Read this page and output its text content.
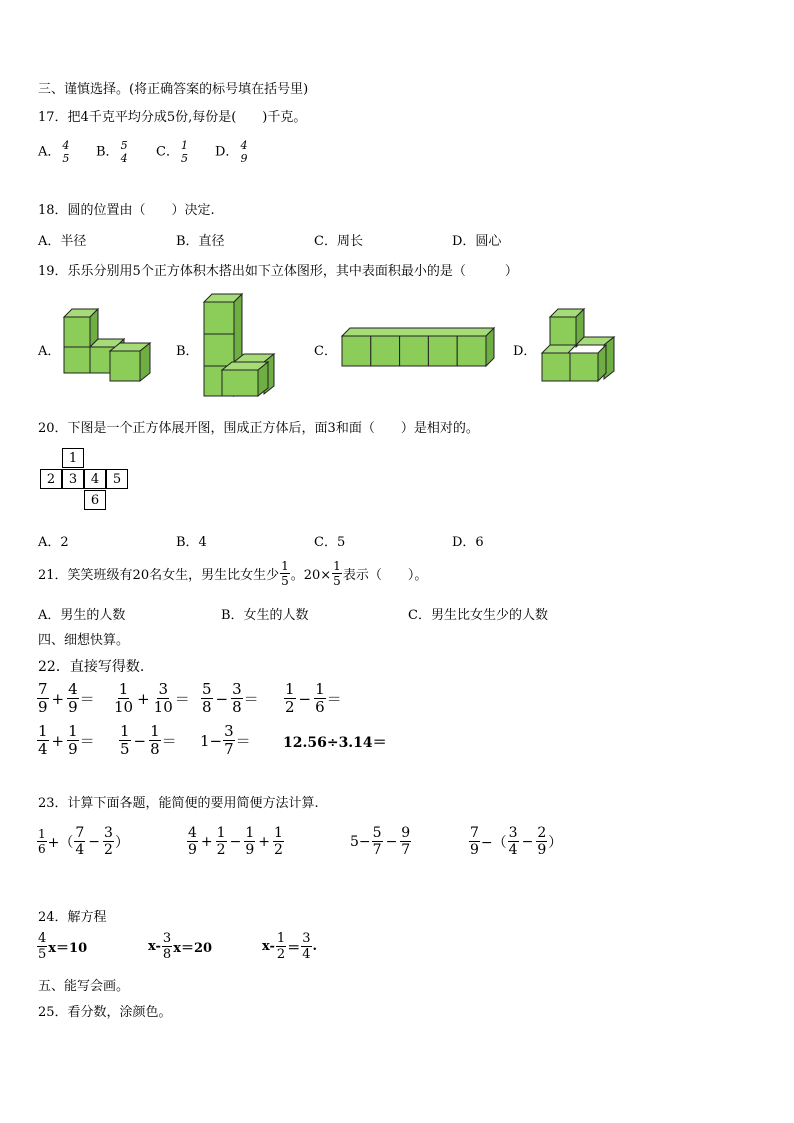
三、谨慎选择。(将正确答案的标号填在括号里)
17．把4千克平均分成5份,每份是(　　)千克。
A． 4
5 B． 5
4 C． 1
5 D． 4
9
18．圆的位置由（　　）决定.
A．半径	B．直径	C．周长	D．圆心
19．乐乐分别用5个正方体积木搭出如下立体图形，其中表面积最小的是（　　　）
A．	B．	C．	D．
20．下图是一个正方体展开图，围成正方体后，面3和面（　　）是相对的。
1
2	3	4	5
6
A．2	B．4	C．5	D．6
21．笑笑班级有20名女生，男生比女生少 $\frac{1}{5}$ 。$20\times \frac{1}{5}$ 表示（　　）。
A．男生的人数	B．女生的人数	C．男生比女生少的人数
四、细想快算。
22．直接写得数.
$\frac{7}{9} + \frac{4}{9} = \frac{1}{10} + \frac{3}{10} = \frac{5}{8} - \frac{3}{8} = \frac{1}{2} - \frac{1}{6}$ ＝
$\frac{1}{4} + \frac{1}{9} = \frac{1}{5} - \frac{1}{8} = 1- \frac{3}{7} = 12.56\div 3.14=$
23．计算下面各题，能简便的要用简便方法计算.
$\frac{1}{6}$ +（ $\frac{7}{4} - \frac{3}{2}$ ）	$\frac{4}{9} + \frac{1}{2} - \frac{1}{9} + \frac{1}{2}$	$5- \frac{5}{7} - \frac{9}{7}$	$\frac{7}{9}$ −（ $\frac{3}{4} - \frac{2}{9}$ ）
24．解方程
$\frac{4}{5} x=10$	$x- \frac{3}{8} x=20$	$x- \frac{1}{2} = \frac{3}{4}$ .
五、能写会画。
25．看分数，涂颜色。
